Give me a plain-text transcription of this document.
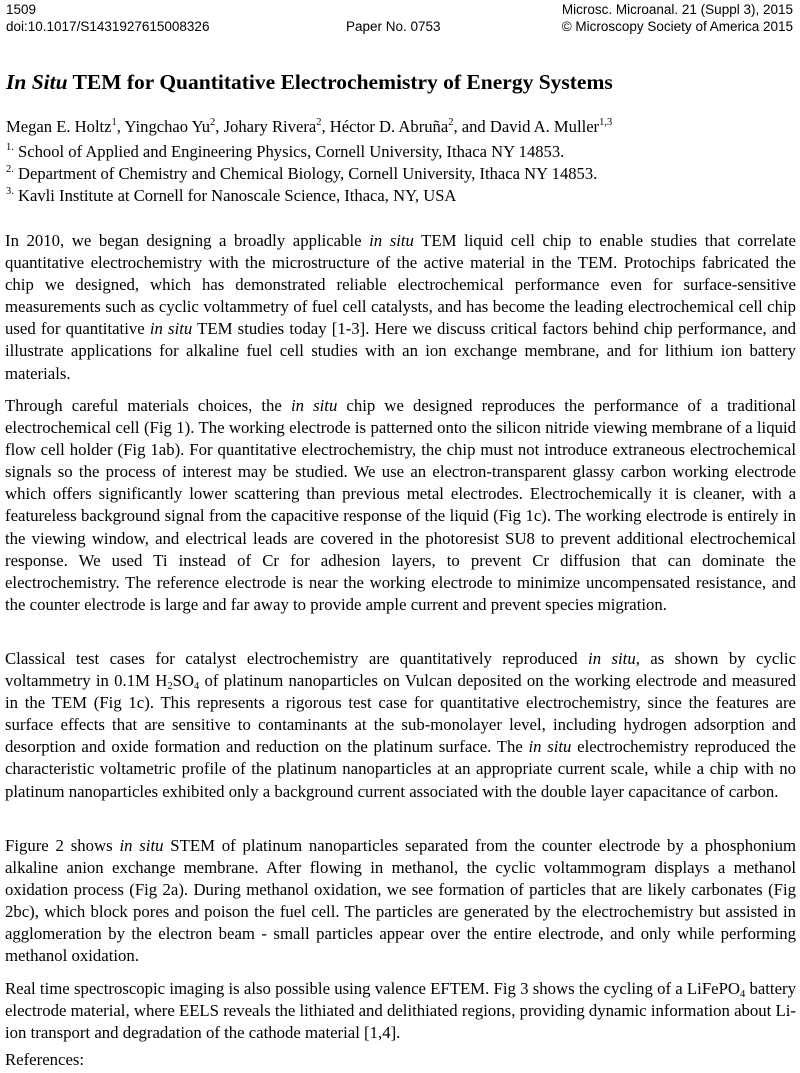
1509	Microsc. Microanal. 21 (Suppl 3), 2015
doi:10.1017/S1431927615008326	Paper No. 0753	© Microscopy Society of America 2015
In Situ TEM for Quantitative Electrochemistry of Energy Systems
Megan E. Holtz$^1$, Yingchao Yu$^2$, Johary Rivera$^2$, Héctor D. Abruña$^2$, and David A. Muller$^{1,3}$
$^{1.}$ School of Applied and Engineering Physics, Cornell University, Ithaca NY 14853.
$^{2.}$ Department of Chemistry and Chemical Biology, Cornell University, Ithaca NY 14853.
$^{3.}$ Kavli Institute at Cornell for Nanoscale Science, Ithaca, NY, USA
In 2010, we began designing a broadly applicable in situ TEM liquid cell chip to enable studies that correlate quantitative electrochemistry with the microstructure of the active material in the TEM. Protochips fabricated the chip we designed, which has demonstrated reliable electrochemical performance even for surface-sensitive measurements such as cyclic voltammetry of fuel cell catalysts, and has become the leading electrochemical cell chip used for quantitative in situ TEM studies today [1-3]. Here we discuss critical factors behind chip performance, and illustrate applications for alkaline fuel cell studies with an ion exchange membrane, and for lithium ion battery materials.
Through careful materials choices, the in situ chip we designed reproduces the performance of a traditional electrochemical cell (Fig 1). The working electrode is patterned onto the silicon nitride viewing membrane of a liquid flow cell holder (Fig 1ab). For quantitative electrochemistry, the chip must not introduce extraneous electrochemical signals so the process of interest may be studied. We use an electron-transparent glassy carbon working electrode which offers significantly lower scattering than previous metal electrodes. Electrochemically it is cleaner, with a featureless background signal from the capacitive response of the liquid (Fig 1c). The working electrode is entirely in the viewing window, and electrical leads are covered in the photoresist SU8 to prevent additional electrochemical response. We used Ti instead of Cr for adhesion layers, to prevent Cr diffusion that can dominate the electrochemistry. The reference electrode is near the working electrode to minimize uncompensated resistance, and the counter electrode is large and far away to provide ample current and prevent species migration.
Classical test cases for catalyst electrochemistry are quantitatively reproduced in situ, as shown by cyclic voltammetry in 0.1M $H_2SO_4$ of platinum nanoparticles on Vulcan deposited on the working electrode and measured in the TEM (Fig 1c). This represents a rigorous test case for quantitative electrochemistry, since the features are surface effects that are sensitive to contaminants at the sub-monolayer level, including hydrogen adsorption and desorption and oxide formation and reduction on the platinum surface. The in situ electrochemistry reproduced the characteristic voltametric profile of the platinum nanoparticles at an appropriate current scale, while a chip with no platinum nanoparticles exhibited only a background current associated with the double layer capacitance of carbon.
Figure 2 shows in situ STEM of platinum nanoparticles separated from the counter electrode by a phosphonium alkaline anion exchange membrane. After flowing in methanol, the cyclic voltammogram displays a methanol oxidation process (Fig 2a). During methanol oxidation, we see formation of particles that are likely carbonates (Fig 2bc), which block pores and poison the fuel cell. The particles are generated by the electrochemistry but assisted in agglomeration by the electron beam - small particles appear over the entire electrode, and only while performing methanol oxidation.
Real time spectroscopic imaging is also possible using valence EFTEM. Fig 3 shows the cycling of a LiFePO$_4$ battery electrode material, where EELS reveals the lithiated and delithiated regions, providing dynamic information about Li-ion transport and degradation of the cathode material [1,4].
References:
